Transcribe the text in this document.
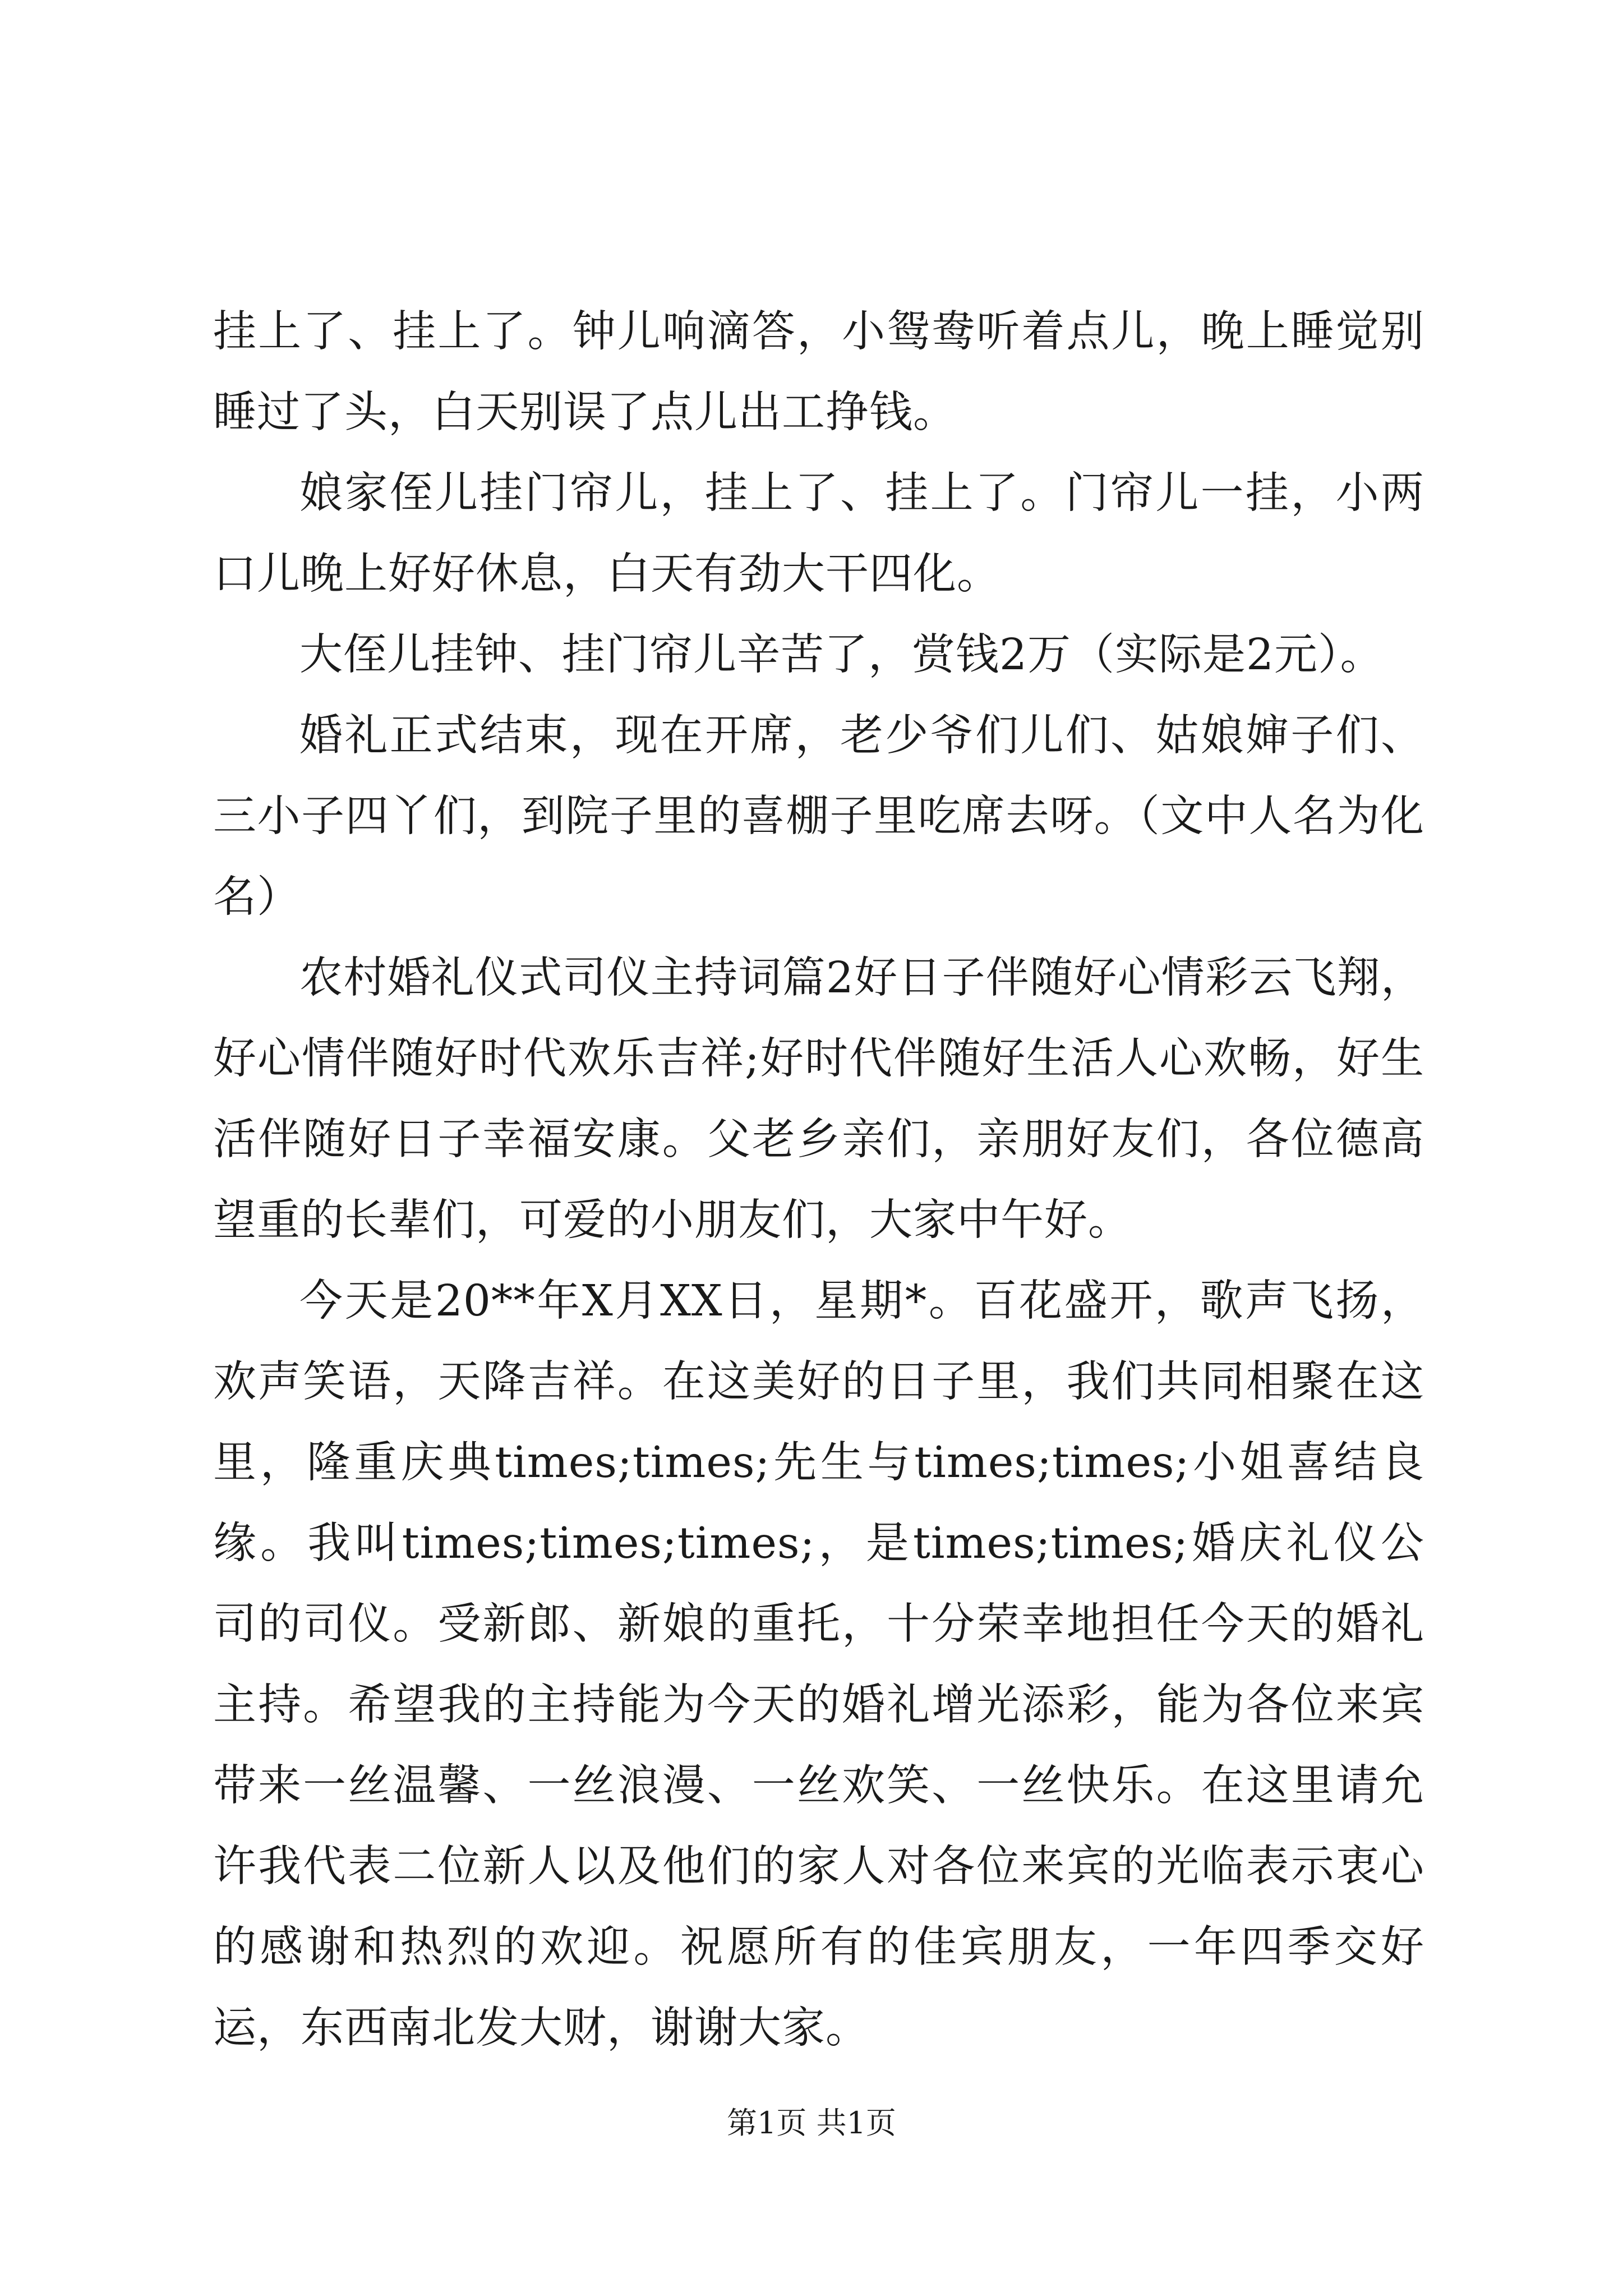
挂上了、挂上了。钟儿响滴答，小鸳鸯听着点儿，晚上睡觉别睡过了头，白天别误了点儿出工挣钱。

娘家侄儿挂门帘儿，挂上了、挂上了。门帘儿一挂，小两口儿晚上好好休息，白天有劲大干四化。

大侄儿挂钟、挂门帘儿辛苦了，赏钱2万（实际是2元）。

婚礼正式结束，现在开席，老少爷们儿们、姑娘婶子们、三小子四丫们，到院子里的喜棚子里吃席去呀。（文中人名为化名）

农村婚礼仪式司仪主持词篇2好日子伴随好心情彩云飞翔，好心情伴随好时代欢乐吉祥;好时代伴随好生活人心欢畅，好生活伴随好日子幸福安康。父老乡亲们，亲朋好友们，各位德高望重的长辈们，可爱的小朋友们，大家中午好。

今天是20**年X月XX日，星期*。百花盛开，歌声飞扬，欢声笑语，天降吉祥。在这美好的日子里，我们共同相聚在这里，隆重庆典times;times;先生与times;times;小姐喜结良缘。我叫times;times;times;，是times;times;婚庆礼仪公司的司仪。受新郎、新娘的重托，十分荣幸地担任今天的婚礼主持。希望我的主持能为今天的婚礼增光添彩，能为各位来宾带来一丝温馨、一丝浪漫、一丝欢笑、一丝快乐。在这里请允许我代表二位新人以及他们的家人对各位来宾的光临表示衷心的感谢和热烈的欢迎。祝愿所有的佳宾朋友，一年四季交好运，东西南北发大财，谢谢大家。

第1页 共1页
